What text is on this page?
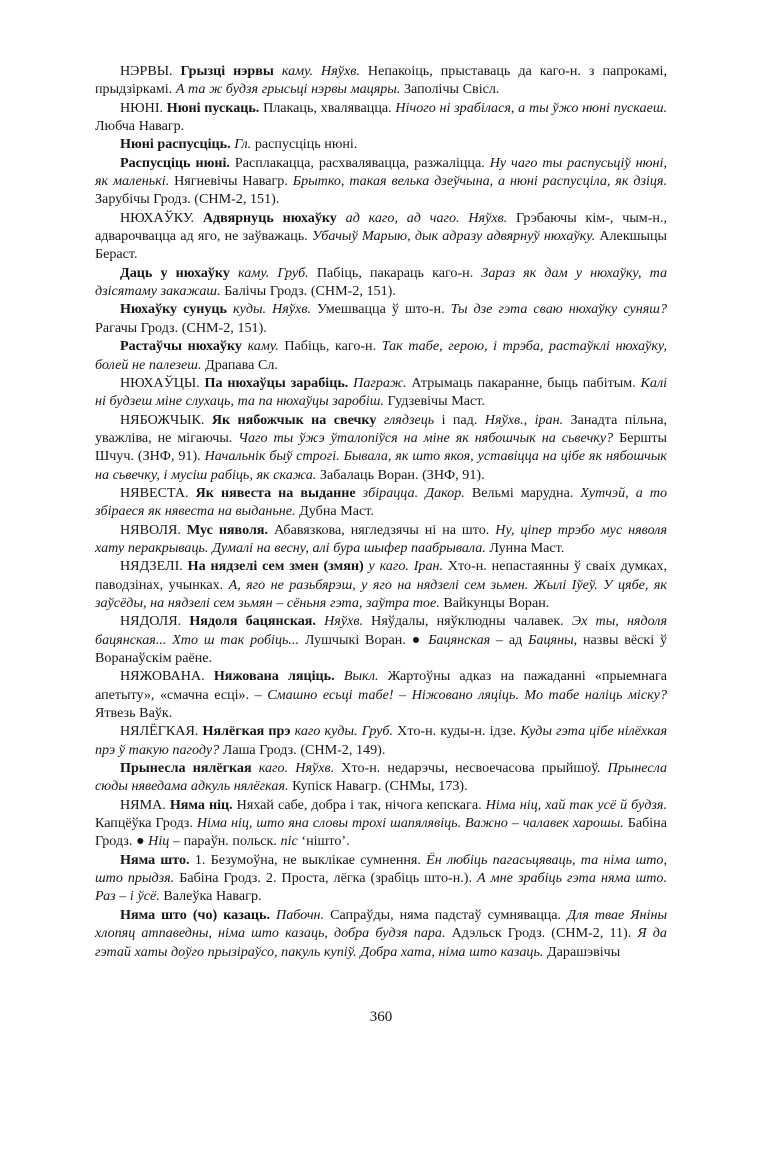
НЭРВЫ. Грызці нэрвы каму. Няўхв. Непакоіць, прыставаць да каго-н. з папрокамі, прыдзіркамі. А та ж будзя грысьці нэрвы мацяры. Заполічы Свісл.

НЮНІ. Нюні пускаць. Плакаць, хвалявацца. Нічого ні зрабілася, а ты ўжо нюні пускаеш. Любча Навагр.

Нюні распусціць. Гл. распусціць нюні.

Распусціць нюні. Расплакацца, расхвалявацца, разжаліцца. Ну чаго ты распусьціў нюні, як маленькі. Нягневічы Навагр. Брытко, такая велька дзеўчына, а нюні распусціла, як дзіця. Зарубічы Гродз. (СНМ-2, 151).

НЮХАЎКУ. Адвярнуць нюхаўку ад каго, ад чаго. Няўхв. Грэбаючы кім-, чым-н., адварочвацца ад яго, не заўважаць. Убачыў Марыю, дык адразу адвярнуў нюхаўку. Алекшыцы Бераст.

Даць у нюхаўку каму. Груб. Пабіць, пакараць каго-н. Зараз як дам у нюхаўку, та дзісятаму закажаш. Балічы Гродз. (СНМ-2, 151).

Нюхаўку сунуць куды. Няўхв. Умешвацца ў што-н. Ты дзе гэта сваю нюхаўку суняш? Рагачы Гродз. (СНМ-2, 151).

Растаўчы нюхаўку каму. Пабіць, каго-н. Так табе, герою, і трэба, растаўклі нюхаўку, болей не палезеш. Драпава Сл.

НЮХАЎЦЫ. Па нюхаўцы зарабіць. Паграж. Атрымаць пакаранне, быць пабітым. Калі ні будзеш міне слухаць, та па нюхаўцы заробіш. Гудзевічы Маст.

НЯБОЖЧЫК. Як нябожчык на свечку глядзець і пад. Няўхв., іран. Занадта пільна, уважліва, не мігаючы. Чаго ты ўжэ ўталопіўся на міне як нябошчык на сьвечку? Бершты Шчуч. (ЗНФ, 91). Начальнік быў строгі. Бывала, як што якоя, уставіцца на цібе як нябошчык на сьвечку, і мусіш рабіць, як скажа. Забалаць Воран. (ЗНФ, 91).

НЯВЕСТА. Як нявеста на выданне збірацца. Дакор. Вельмі марудна. Хутчэй, а то збіраеся як нявеста на выданьне. Дубна Маст.

НЯВОЛЯ. Мус няволя. Абавязкова, нягледзячы ні на што. Ну, ціпер трэбо мус няволя хату перакрываць. Думалі на весну, алі бура шыфер паабрывала. Лунна Маст.

НЯДЗЕЛІ. На нядзелі сем змен (змян) у каго. Іран. Хто-н. непастаянны ў сваіх думках, паводзінах, учынках. А, яго не разьбярэш, у яго на нядзелі сем зьмен. Жылі Іўеў. У цябе, як заўсёды, на нядзелі сем зьмян – сёньня гэта, заўтра тое. Вайкунцы Воран.

НЯДОЛЯ. Нядоля бацянская. Няўхв. Няўдалы, няўклюдны чалавек. Эх ты, нядоля бацянская... Хто ш так робіць... Лушчыкі Воран. ● Бацянская – ад Бацяны, назвы вёскі ў Воранаўскім раёне.

НЯЖОВАНА. Няжована ляціць. Выкл. Жартоўны адказ на пажаданні «прыемнага апетыту», «смачна есці». – Смашно есьці табе! – Ніжовано ляціць. Мо табе наліць міску? Ятвезь Ваўк.

НЯЛЁГКАЯ. Нялёгкая прэ каго куды. Груб. Хто-н. куды-н. ідзе. Куды гэта цібе нілёхкая прэ ў такую пагоду? Лаша Гродз. (СНМ-2, 149).

Прынесла нялёгкая каго. Няўхв. Хто-н. недарэчы, несвоечасова прыйшоў. Прынесла сюды няведама адкуль нялёгкая. Купіск Навагр. (СНМы, 173).

НЯМА. Няма ніц. Няхай сабе, добра і так, нічога кепскага. Німа ніц, хай так усё й будзя. Капцёўка Гродз. Німа ніц, што яна словы трохі шапялявіць. Важно – чалавек харошы. Бабіна Гродз. ● Ніц – параўн. польск. nic ‘нішто’.

Няма што. 1. Безумоўна, не выклікае сумнення. Ён любіць пагасьцяваць, та німа што, што прыдзя. Бабіна Гродз. 2. Проста, лёгка (зрабіць што-н.). А мне зрабіць гэта няма што. Раз – і ўсё. Валеўка Навагр.

Няма што (чо) казаць. Пабочн. Сапраўды, няма падстаў сумнявацца. Для твае Яніны хлопяц атпаведны, німа што казаць, добра будзя пара. Адэльск Гродз. (СНМ-2, 11). Я да гэтай хаты доўго прызіраўсо, пакуль купіў. Добра хата, німа што казаць. Дарашэвічы

360
